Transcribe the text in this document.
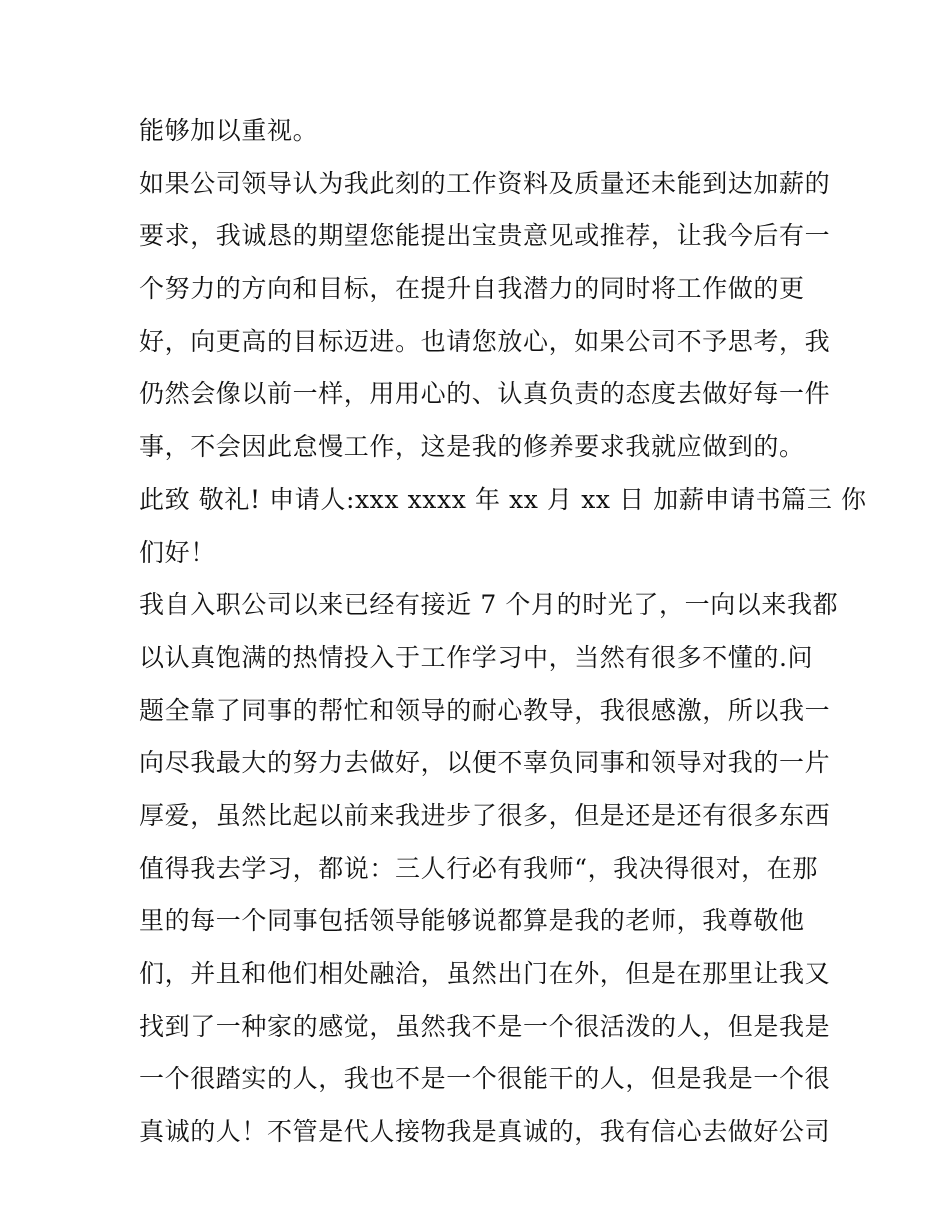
能够加以重视。
如果公司领导认为我此刻的工作资料及质量还未能到达加薪的
要求，我诚恳的期望您能提出宝贵意见或推荐，让我今后有一
个努力的方向和目标，在提升自我潜力的同时将工作做的更
好，向更高的目标迈进。也请您放心，如果公司不予思考，我
仍然会像以前一样，用用心的、认真负责的态度去做好每一件
事，不会因此怠慢工作，这是我的修养要求我就应做到的。
此致 敬礼! 申请人:xxx xxxx 年 xx 月 xx 日 加薪申请书篇三 你
们好！
我自入职公司以来已经有接近 7 个月的时光了，一向以来我都
以认真饱满的热情投入于工作学习中，当然有很多不懂的.问
题全靠了同事的帮忙和领导的耐心教导，我很感激，所以我一
向尽我最大的努力去做好，以便不辜负同事和领导对我的一片
厚爱，虽然比起以前来我进步了很多，但是还是还有很多东西
值得我去学习，都说：三人行必有我师“，我决得很对，在那
里的每一个同事包括领导能够说都算是我的老师，我尊敬他
们，并且和他们相处融洽，虽然出门在外，但是在那里让我又
找到了一种家的感觉，虽然我不是一个很活泼的人，但是我是
一个很踏实的人，我也不是一个很能干的人，但是我是一个很
真诚的人！不管是代人接物我是真诚的，我有信心去做好公司
